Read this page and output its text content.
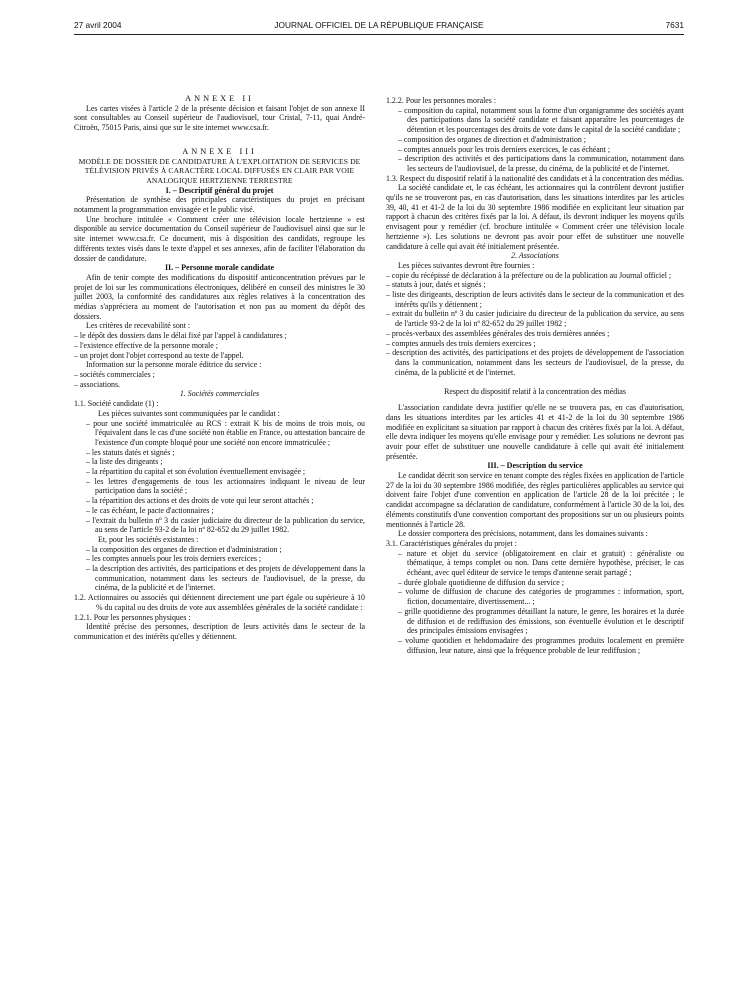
27 avril 2004	JOURNAL OFFICIEL DE LA RÉPUBLIQUE FRANÇAISE	7631

ANNEXE II

Les cartes visées à l'article 2 de la présente décision et faisant l'objet de son annexe II sont consultables au Conseil supérieur de l'audiovisuel, tour Cristal, 7-11, quai André-Citroën, 75015 Paris, ainsi que sur le site internet www.csa.fr.

ANNEXE III

MODÈLE DE DOSSIER DE CANDIDATURE À L'EXPLOITATION DE SERVICES DE TÉLÉVISION PRIVÉS À CARACTÈRE LOCAL DIFFUSÉS EN CLAIR PAR VOIE ANALOGIQUE HERTZIENNE TERRESTRE

I. – Descriptif général du projet

Présentation de synthèse des principales caractéristiques du projet en précisant notamment la programmation envisagée et le public visé.

Une brochure intitulée « Comment créer une télévision locale hertzienne » est disponible au service documentation du Conseil supérieur de l'audiovisuel ainsi que sur le site internet www.csa.fr. Ce document, mis à disposition des candidats, regroupe les différents textes visés dans le texte d'appel et ses annexes, afin de faciliter l'élaboration du dossier de candidature.

II. – Personne morale candidate

Afin de tenir compte des modifications du dispositif anticoncentration prévues par le projet de loi sur les communications électroniques, délibéré en conseil des ministres le 30 juillet 2003, la conformité des candidatures aux règles relatives à la concentration des médias s'appréciera au moment de l'autorisation et non pas au moment du dépôt des dossiers.

Les critères de recevabilité sont :

– le dépôt des dossiers dans le délai fixé par l'appel à candidatures ;
– l'existence effective de la personne morale ;
– un projet dont l'objet correspond au texte de l'appel.

Information sur la personne morale éditrice du service :

– sociétés commerciales ;
– associations.

1. Sociétés commerciales

1.1. Société candidate (1) :

Les pièces suivantes sont communiquées par le candidat :

– pour une société immatriculée au RCS : extrait K bis de moins de trois mois, ou l'équivalent dans le cas d'une société non établie en France, ou attestation bancaire de l'existence d'un compte bloqué pour une société non encore immatriculée ;
– les statuts datés et signés ;
– la liste des dirigeants ;
– la répartition du capital et son évolution éventuellement envisagée ;
– les lettres d'engagements de tous les actionnaires indiquant le niveau de leur participation dans la société ;
– la répartition des actions et des droits de vote qui leur seront attachés ;
– le cas échéant, le pacte d'actionnaires ;
– l'extrait du bulletin nº 3 du casier judiciaire du directeur de la publication du service, au sens de l'article 93-2 de la loi nº 82-652 du 29 juillet 1982.

Et, pour les sociétés existantes :

– la composition des organes de direction et d'administration ;
– les comptes annuels pour les trois derniers exercices ;
– la description des activités, des participations et des projets de développement dans la communication, notamment dans les secteurs de l'audiovisuel, de la presse, du cinéma, de la publicité et de l'internet.

1.2. Actionnaires ou associés qui détiennent directement une part égale ou supérieure à 10 % du capital ou des droits de vote aux assemblées générales de la société candidate :

1.2.1. Pour les personnes physiques :

Identité précise des personnes, description de leurs activités dans le secteur de la communication et des intérêts qu'elles y détiennent.

1.2.2. Pour les personnes morales :

– composition du capital, notamment sous la forme d'un organigramme des sociétés ayant des participations dans la société candidate et faisant apparaître les pourcentages de détention et les pourcentages des droits de vote dans le capital de la société candidate ;
– composition des organes de direction et d'administration ;
– comptes annuels pour les trois derniers exercices, le cas échéant ;
– description des activités et des participations dans la communication, notamment dans les secteurs de l'audiovisuel, de la presse, du cinéma, de la publicité et de l'internet.

1.3. Respect du dispositif relatif à la nationalité des candidats et à la concentration des médias.

La société candidate et, le cas échéant, les actionnaires qui la contrôlent devront justifier qu'ils ne se trouveront pas, en cas d'autorisation, dans les situations interdites par les articles 39, 40, 41 et 41-2 de la loi du 30 septembre 1986 modifiée en explicitant leur situation par rapport à chacun des critères fixés par la loi. A défaut, ils devront indiquer les moyens qu'ils envisagent pour y remédier (cf. brochure intitulée « Comment créer une télévision locale hertzienne »). Les solutions ne devront pas avoir pour effet de substituer une nouvelle candidature à celle qui avait été initialement présentée.

2. Associations

Les pièces suivantes devront être fournies :

– copie du récépissé de déclaration à la préfecture ou de la publication au Journal officiel ;
– statuts à jour, datés et signés ;
– liste des dirigeants, description de leurs activités dans le secteur de la communication et des intérêts qu'ils y détiennent ;
– extrait du bulletin nº 3 du casier judiciaire du directeur de la publication du service, au sens de l'article 93-2 de la loi nº 82-652 du 29 juillet 1982 ;
– procès-verbaux des assemblées générales des trois dernières années ;
– comptes annuels des trois derniers exercices ;
– description des activités, des participations et des projets de développement de l'association dans la communication, notamment dans les secteurs de l'audiovisuel, de la presse, du cinéma, de la publicité et de l'internet.

Respect du dispositif relatif à la concentration des médias

L'association candidate devra justifier qu'elle ne se trouvera pas, en cas d'autorisation, dans les situations interdites par les articles 41 et 41-2 de la loi du 30 septembre 1986 modifiée en explicitant sa situation par rapport à chacun des critères fixés par la loi. A défaut, elle devra indiquer les moyens qu'elle envisage pour y remédier. Les solutions ne devront pas avoir pour effet de substituer une nouvelle candidature à celle qui avait été initialement présentée.

III. – Description du service

Le candidat décrit son service en tenant compte des règles fixées en application de l'article 27 de la loi du 30 septembre 1986 modifiée, des règles particulières applicables au service qui doivent faire l'objet d'une convention en application de l'article 28 de la loi précitée ; le candidat accompagne sa déclaration de candidature, conformément à l'article 30 de la loi, des éléments constitutifs d'une convention comportant des propositions sur un ou plusieurs points mentionnés à l'article 28.

Le dossier comportera des précisions, notamment, dans les domaines suivants :

3.1. Caractéristiques générales du projet :

– nature et objet du service (obligatoirement en clair et gratuit) : généraliste ou thématique, à temps complet ou non. Dans cette dernière hypothèse, préciser, le cas échéant, avec quel éditeur de service le temps d'antenne serait partagé ;
– durée globale quotidienne de diffusion du service ;
– volume de diffusion de chacune des catégories de programmes : information, sport, fiction, documentaire, divertissement... ;
– grille quotidienne des programmes détaillant la nature, le genre, les horaires et la durée de diffusion et de rediffusion des émissions, son éventuelle évolution et le descriptif des principales émissions envisagées ;
– volume quotidien et hebdomadaire des programmes produits localement en première diffusion, leur nature, ainsi que la fréquence probable de leur rediffusion ;
